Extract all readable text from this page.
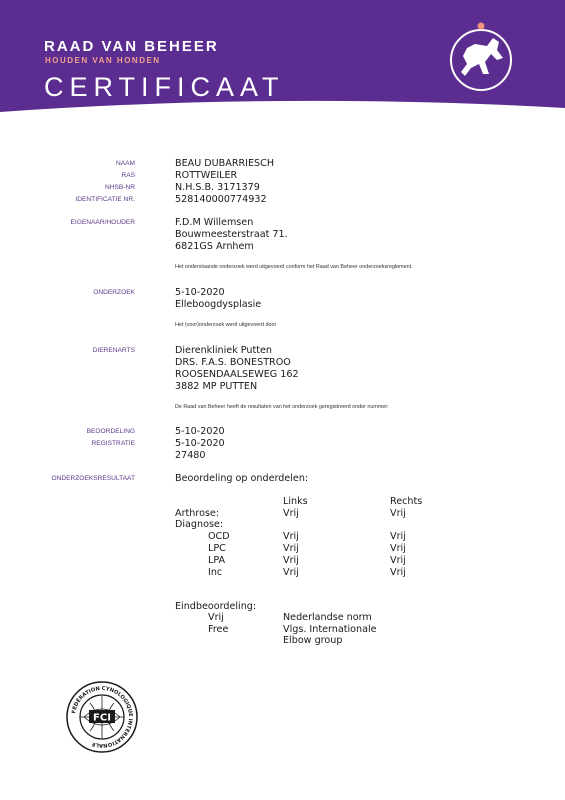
RAAD VAN BEHEER
HOUDEN VAN HONDEN
CERTIFICAAT
NAAM	BEAU DUBARRIESCH
RAS	ROTTWEILER
NHSB-NR	N.H.S.B. 3171379
IDENTIFICATIE NR.	528140000774932
EIGENAAR/HOUDER	F.D.M Willemsen
Bouwmeesterstraat 71.
6821GS Arnhem
Het onderstaande onderzoek werd uitgevoerd conform het Raad van Beheer onderzoeksreglement.
ONDERZOEK	5-10-2020
Elleboogdysplasie
Het (voor)onderzoek werd uitgevoerd door
DIERENARTS	Dierenkliniek Putten
DRS. F.A.S. BONESTROO
ROOSENDAALSEWEG 162
3882 MP PUTTEN
De Raad van Beheer heeft de resultaten van het onderzoek geregistreerd onder nummer:
BEOORDELING	5-10-2020
REGISTRATIE	5-10-2020
27480
ONDERZOEKSRESULTAAT	Beoordeling op onderdelen:
Links	Rechts
Arthrose:	Vrij	Vrij
Diagnose:
OCD	Vrij	Vrij
LPC	Vrij	Vrij
LPA	Vrij	Vrij
Inc	Vrij	Vrij
Eindbeoordeling:
Vrij	Nederlandse norm
Free	Vlgs. Internationale
Elbow group
FÉDÉRATION CYNOLOGIQUE INTERNATIONALE
FCI
